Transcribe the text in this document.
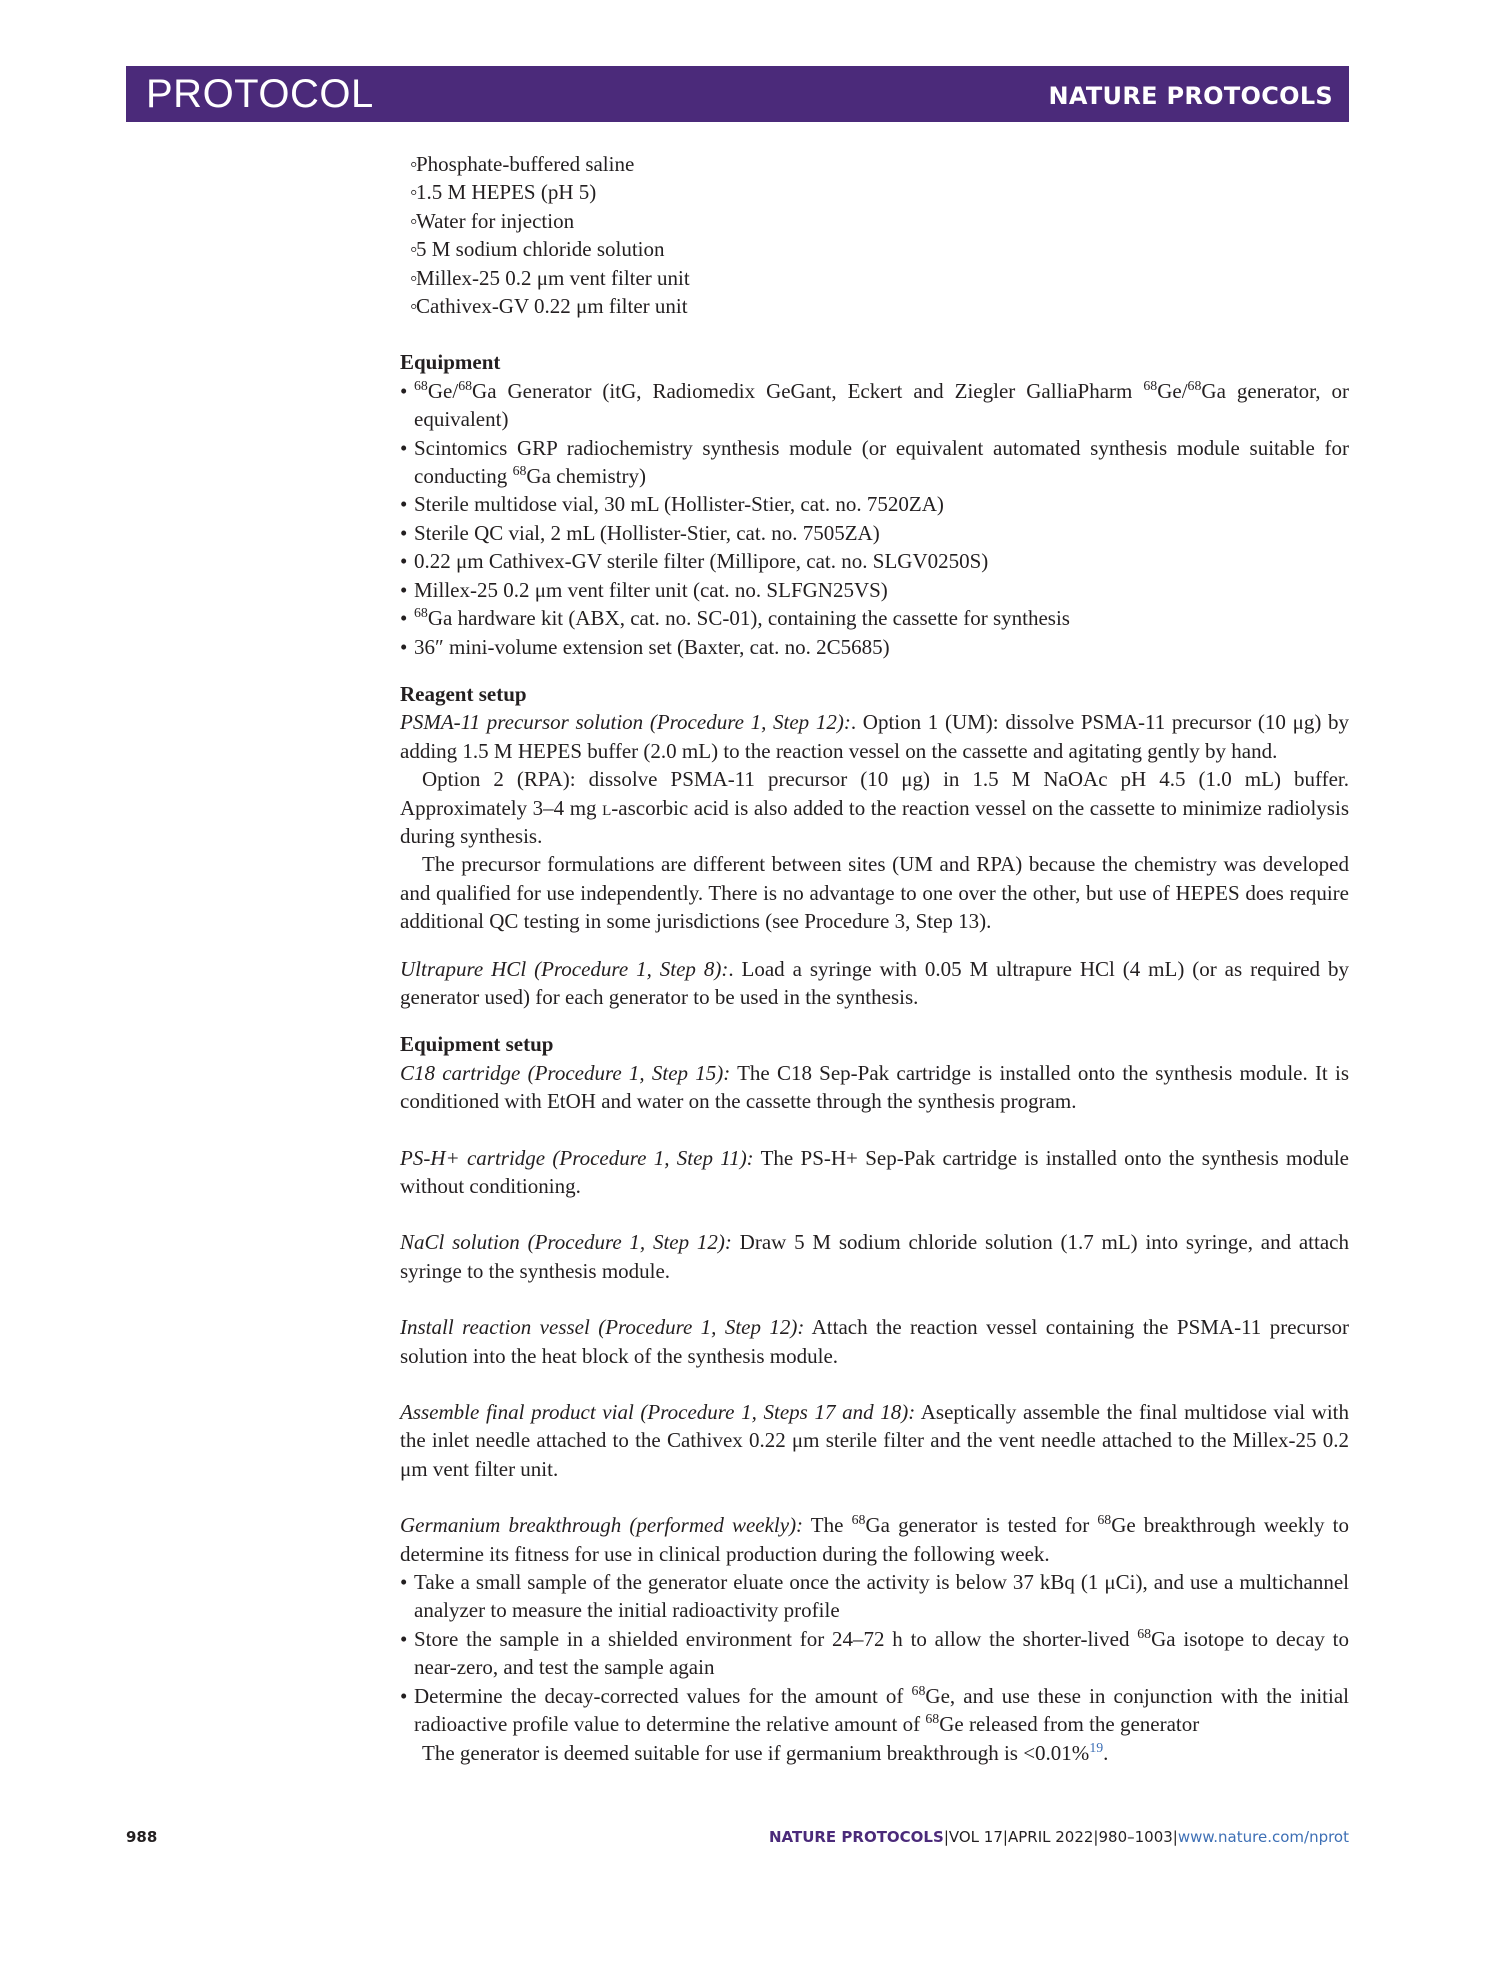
PROTOCOL	NATURE PROTOCOLS
◦ Phosphate-buffered saline
◦ 1.5 M HEPES (pH 5)
◦ Water for injection
◦ 5 M sodium chloride solution
◦ Millex-25 0.2 μm vent filter unit
◦ Cathivex-GV 0.22 μm filter unit

Equipment

• $^{68}$Ge/$^{68}$Ga Generator (itG, Radiomedix GeGant, Eckert and Ziegler GalliaPharm $^{68}$Ge/$^{68}$Ga generator, or equivalent)
• Scintomics GRP radiochemistry synthesis module (or equivalent automated synthesis module suitable for conducting $^{68}$Ga chemistry)
• Sterile multidose vial, 30 mL (Hollister-Stier, cat. no. 7520ZA)
• Sterile QC vial, 2 mL (Hollister-Stier, cat. no. 7505ZA)
• 0.22 μm Cathivex-GV sterile filter (Millipore, cat. no. SLGV0250S)
• Millex-25 0.2 μm vent filter unit (cat. no. SLFGN25VS)
• $^{68}$Ga hardware kit (ABX, cat. no. SC-01), containing the cassette for synthesis
• 36″ mini-volume extension set (Baxter, cat. no. 2C5685)

Reagent setup

PSMA-11 precursor solution (Procedure 1, Step 12):. Option 1 (UM): dissolve PSMA-11 precursor (10 μg) by adding 1.5 M HEPES buffer (2.0 mL) to the reaction vessel on the cassette and agitating gently by hand.

Option 2 (RPA): dissolve PSMA-11 precursor (10 μg) in 1.5 M NaOAc pH 4.5 (1.0 mL) buffer. Approximately 3–4 mg l-ascorbic acid is also added to the reaction vessel on the cassette to minimize radiolysis during synthesis.

The precursor formulations are different between sites (UM and RPA) because the chemistry was developed and qualified for use independently. There is no advantage to one over the other, but use of HEPES does require additional QC testing in some jurisdictions (see Procedure 3, Step 13).

Ultrapure HCl (Procedure 1, Step 8):. Load a syringe with 0.05 M ultrapure HCl (4 mL) (or as required by generator used) for each generator to be used in the synthesis.

Equipment setup

C18 cartridge (Procedure 1, Step 15): The C18 Sep-Pak cartridge is installed onto the synthesis module. It is conditioned with EtOH and water on the cassette through the synthesis program.

PS-H+ cartridge (Procedure 1, Step 11): The PS-H+ Sep-Pak cartridge is installed onto the synthesis module without conditioning.

NaCl solution (Procedure 1, Step 12): Draw 5 M sodium chloride solution (1.7 mL) into syringe, and attach syringe to the synthesis module.

Install reaction vessel (Procedure 1, Step 12): Attach the reaction vessel containing the PSMA-11 precursor solution into the heat block of the synthesis module.

Assemble final product vial (Procedure 1, Steps 17 and 18): Aseptically assemble the final multidose vial with the inlet needle attached to the Cathivex 0.22 μm sterile filter and the vent needle attached to the Millex-25 0.2 μm vent filter unit.

Germanium breakthrough (performed weekly): The $^{68}$Ga generator is tested for $^{68}$Ge breakthrough weekly to determine its fitness for use in clinical production during the following week.

• Take a small sample of the generator eluate once the activity is below 37 kBq (1 μCi), and use a multichannel analyzer to measure the initial radioactivity profile
• Store the sample in a shielded environment for 24–72 h to allow the shorter-lived $^{68}$Ga isotope to decay to near-zero, and test the sample again
• Determine the decay-corrected values for the amount of $^{68}$Ge, and use these in conjunction with the initial radioactive profile value to determine the relative amount of $^{68}$Ge released from the generator

The generator is deemed suitable for use if germanium breakthrough is <0.01%$^{19}$.

988	NATURE PROTOCOLS|VOL 17|APRIL 2022|980–1003|www.nature.com/nprot
